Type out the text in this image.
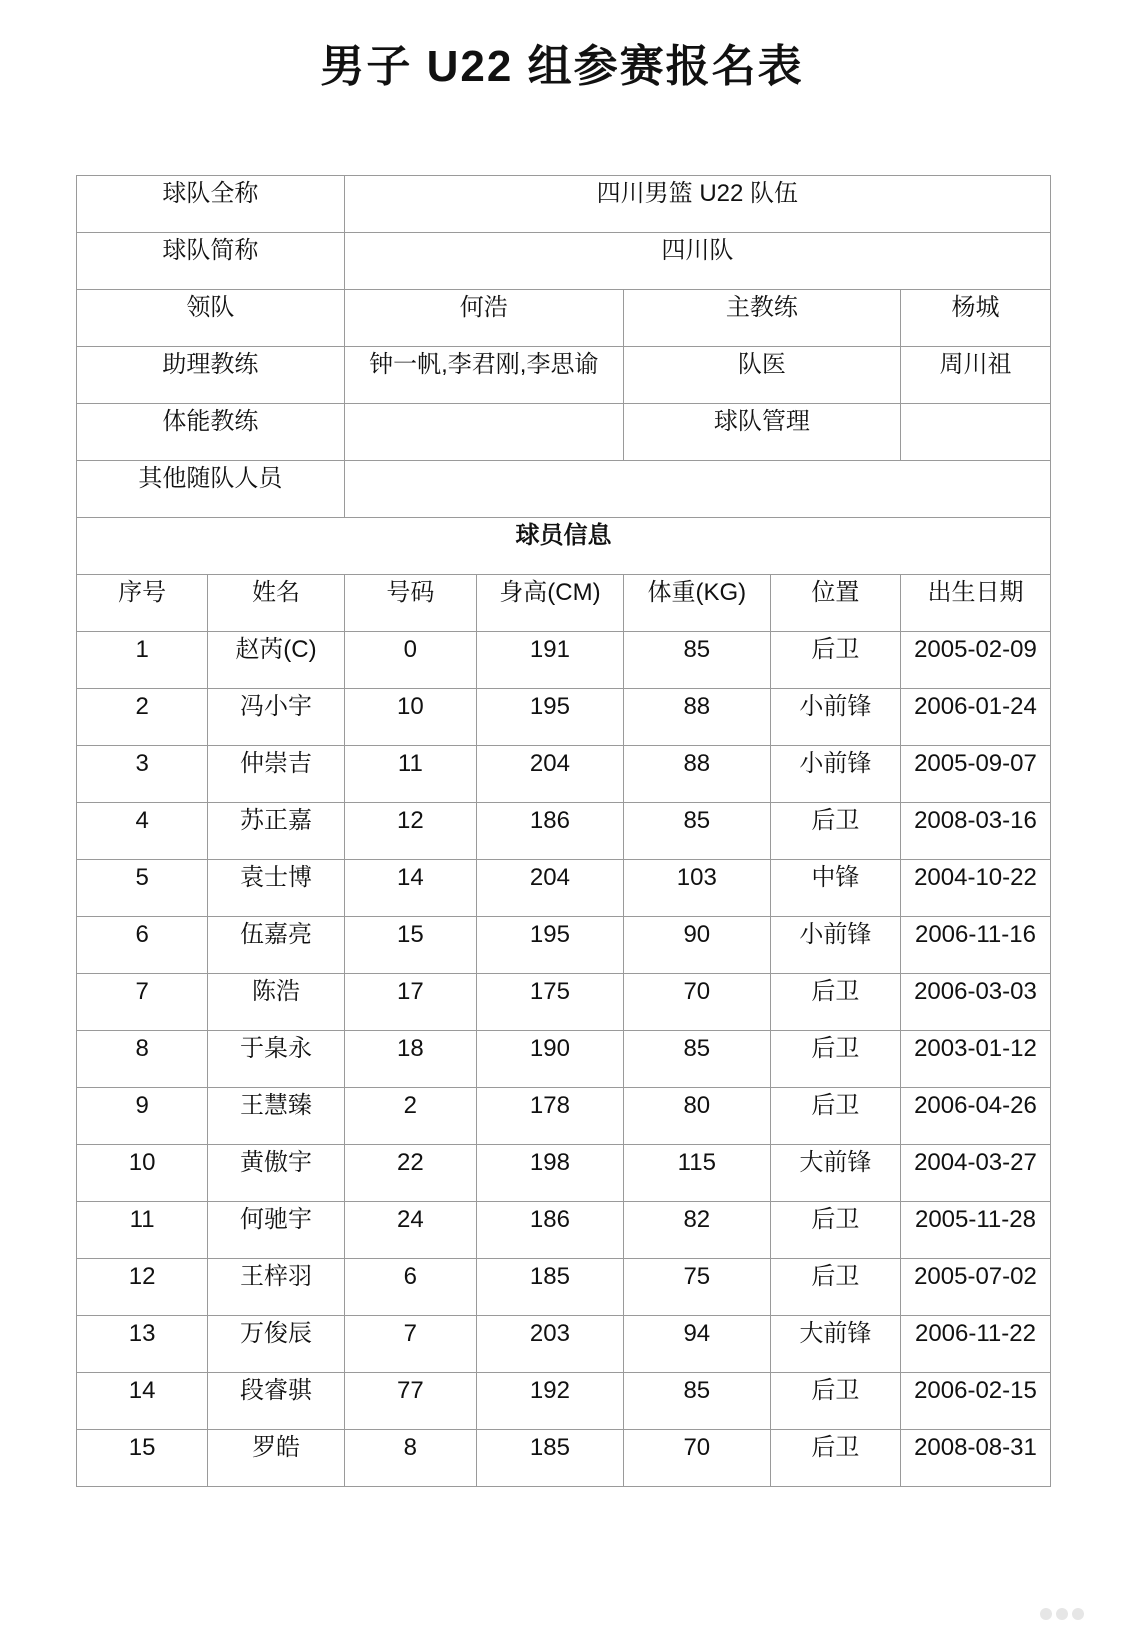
男子 U22 组参赛报名表
球队全称		四川男篮 U22 队伍				
球队简称		四川队				
领队		何浩		主教练		杨城
助理教练		钟一帆,李君刚,李思谕		队医		周川祖
体能教练				球队管理		
其他随队人员						
球员信息						
序号	姓名	号码	身高(CM)	体重(KG)	位置	出生日期
1	赵芮(C)	0	191	85	后卫	2005-02-09
2	冯小宇	10	195	88	小前锋	2006-01-24
3	仲崇吉	11	204	88	小前锋	2005-09-07
4	苏正嘉	12	186	85	后卫	2008-03-16
5	袁士博	14	204	103	中锋	2004-10-22
6	伍嘉亮	15	195	90	小前锋	2006-11-16
7	陈浩	17	175	70	后卫	2006-03-03
8	于臬永	18	190	85	后卫	2003-01-12
9	王慧臻	2	178	80	后卫	2006-04-26
10	黄傲宇	22	198	115	大前锋	2004-03-27
11	何驰宇	24	186	82	后卫	2005-11-28
12	王梓羽	6	185	75	后卫	2005-07-02
13	万俊辰	7	203	94	大前锋	2006-11-22
14	段睿骐	77	192	85	后卫	2006-02-15
15	罗皓	8	185	70	后卫	2008-08-31
